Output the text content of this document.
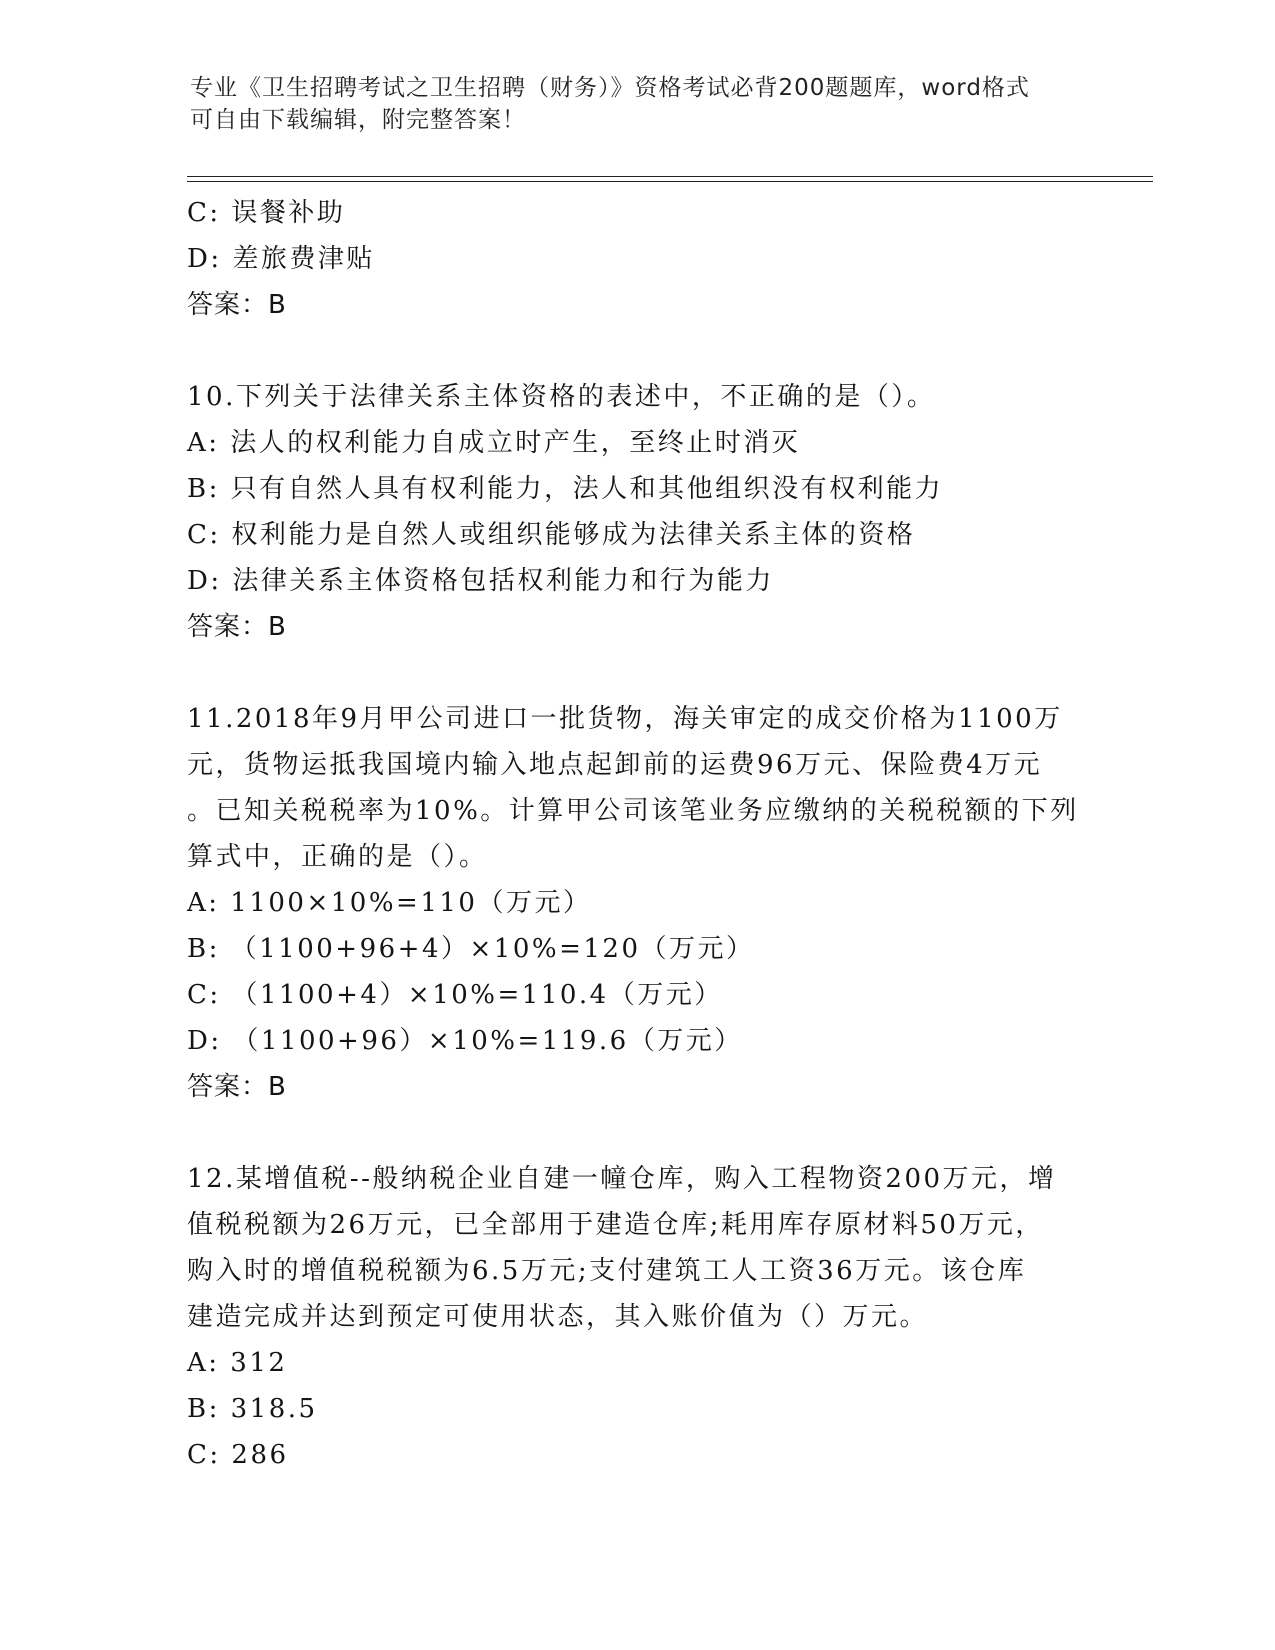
专业《卫生招聘考试之卫生招聘（财务）》资格考试必背200题题库，word格式
可自由下载编辑，附完整答案！
C: 误餐补助
D: 差旅费津贴
答案：B
10.下列关于法律关系主体资格的表述中，不正确的是（）。
A: 法人的权利能力自成立时产生，至终止时消灭
B: 只有自然人具有权利能力，法人和其他组织没有权利能力
C: 权利能力是自然人或组织能够成为法律关系主体的资格
D: 法律关系主体资格包括权利能力和行为能力
答案：B
11.2018年9月甲公司进口一批货物，海关审定的成交价格为1100万
元，货物运抵我国境内输入地点起卸前的运费96万元、保险费4万元
。已知关税税率为10%。计算甲公司该笔业务应缴纳的关税税额的下列
算式中，正确的是（）。
A: 1100×10%=110（万元）
B: （1100+96+4）×10%=120（万元）
C: （1100+4）×10%=110.4（万元）
D: （1100+96）×10%=119.6（万元）
答案：B
12.某增值税--般纳税企业自建一幢仓库，购入工程物资200万元，增
值税税额为26万元，已全部用于建造仓库;耗用库存原材料50万元，
购入时的增值税税额为6.5万元;支付建筑工人工资36万元。该仓库
建造完成并达到预定可使用状态，其入账价值为（）万元。
A: 312
B: 318.5
C: 286
